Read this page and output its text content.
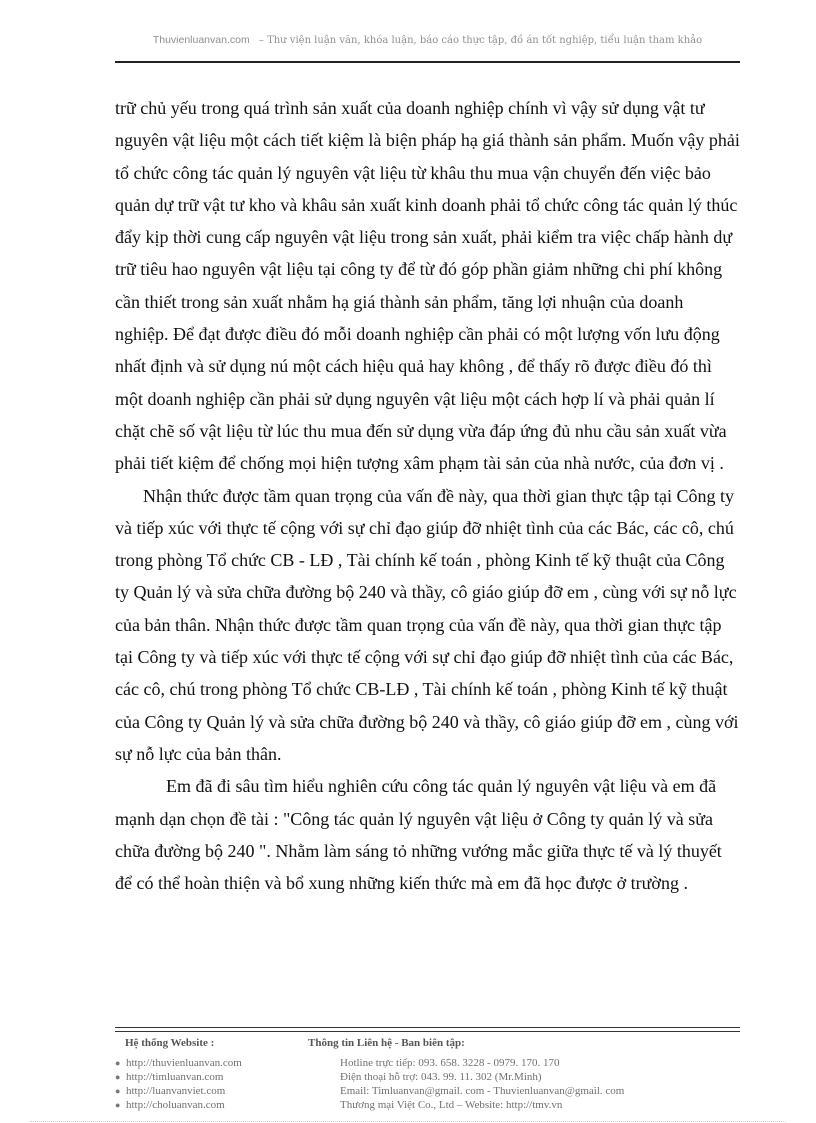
Thuvienluanvan.com – Thư viện luận văn, khóa luận, báo cáo thực tập, đồ án tốt nghiệp, tiểu luận tham khảo

trữ chủ yếu trong quá trình sản xuất của doanh nghiệp chính vì vậy sử dụng vật tư nguyên vật liệu một cách tiết kiệm là biện pháp hạ giá thành sản phẩm. Muốn vậy phải tổ chức công tác quản lý nguyên vật liệu từ khâu thu mua vận chuyển đến việc bảo quản dự trữ vật tư kho và khâu sản xuất kinh doanh phải tổ chức công tác quản lý thúc đẩy kịp thời cung cấp nguyên vật liệu trong sản xuất, phải kiểm tra việc chấp hành dự trữ tiêu hao nguyên vật liệu tại công ty để từ đó góp phần giảm những chi phí không cần thiết trong sản xuất nhằm hạ giá thành sản phẩm, tăng lợi nhuận của doanh nghiệp. Để đạt được điều đó mỗi doanh nghiệp cần phải có một lượng vốn lưu động nhất định và sử dụng nú một cách hiệu quả hay không , để thấy rõ được điều đó thì một doanh nghiệp cần phải sử dụng nguyên vật liệu một cách hợp lí và phải quản lí chặt chẽ số vật liệu từ lúc thu mua đến sử dụng vừa đáp ứng đủ nhu cầu sản xuất vừa phải tiết kiệm để chống mọi hiện tượng xâm phạm tài sản của nhà nước, của đơn vị .

Nhận thức được tầm quan trọng của vấn đề này, qua thời gian thực tập tại Công ty và tiếp xúc với thực tế cộng với sự chỉ đạo giúp đỡ nhiệt tình của các Bác, các cô, chú trong phòng Tổ chức CB - LĐ , Tài chính kế toán , phòng Kinh tế kỹ thuật của Công ty Quản lý và sửa chữa đường bộ 240 và thầy, cô giáo giúp đỡ em , cùng với sự nỗ lực của bản thân. Nhận thức được tầm quan trọng của vấn đề này, qua thời gian thực tập tại Công ty và tiếp xúc với thực tế cộng với sự chỉ đạo giúp đỡ nhiệt tình của các Bác, các cô, chú trong phòng Tổ chức CB-LĐ , Tài chính kế toán , phòng Kinh tế kỹ thuật của Công ty Quản lý và sửa chữa đường bộ 240 và thầy, cô giáo giúp đỡ em , cùng với sự nỗ lực của bản thân.

Em đã đi sâu tìm hiểu nghiên cứu công tác quản lý nguyên vật liệu và em đã mạnh dạn chọn đề tài : "Công tác quản lý nguyên vật liệu ở Công ty quản lý và sửa chữa đường bộ 240 ". Nhằm làm sáng tỏ những vướng mắc giữa thực tế và lý thuyết để có thể hoàn thiện và bổ xung những kiến thức mà em đã học được ở trường .

Hệ thống Website :
● http://thuvienluanvan.com
● http://timluanvan.com
● http://luanvanviet.com
● http://choluanvan.com
Thông tin Liên hệ - Ban biên tập:
Hotline trực tiếp: 093. 658. 3228 - 0979. 170. 170
Điện thoại hỗ trợ: 043. 99. 11. 302 (Mr.Minh)
Email: Timluanvan@gmail. com - Thuvienluanvan@gmail. com
Thương mại Việt Co., Ltd – Website: http://tmv.vn
